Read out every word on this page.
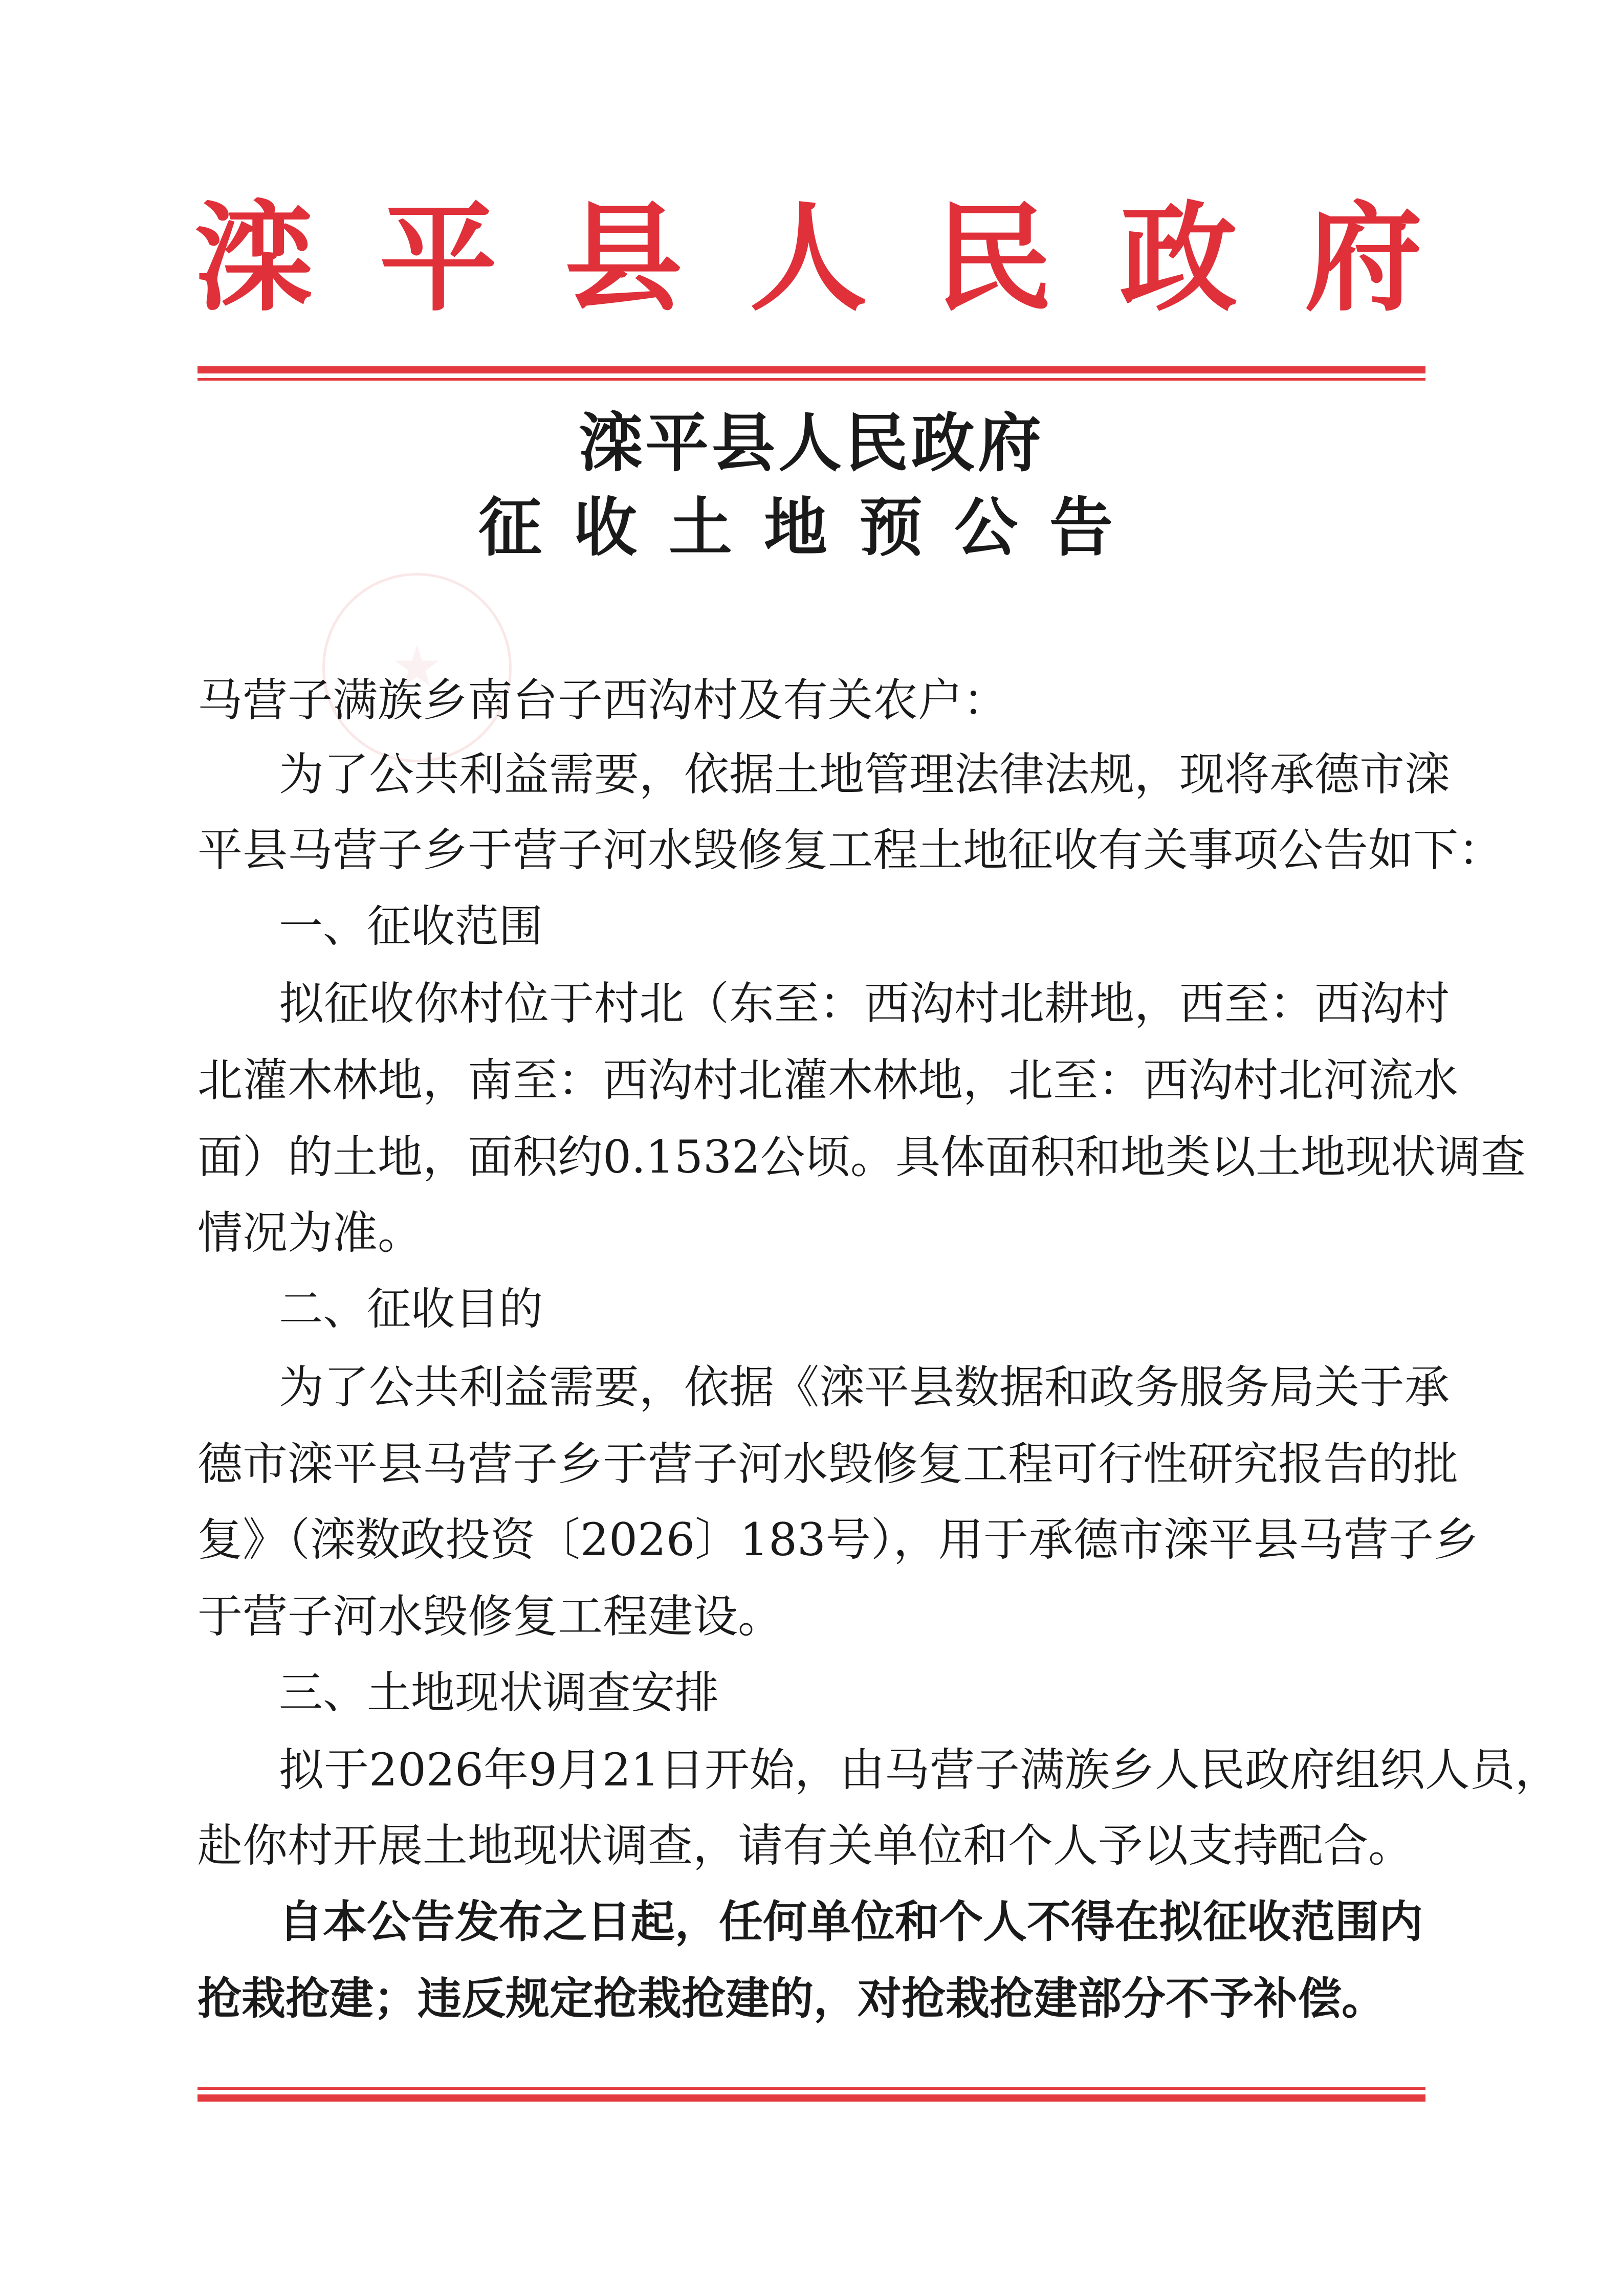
滦 平 县 人 民 政 府
滦平县人民政府
征收土地预公告
马营子满族乡南台子西沟村及有关农户：
为了公共利益需要，依据土地管理法律法规，现将承德市滦
平县马营子乡于营子河水毁修复工程土地征收有关事项公告如下：
一、征收范围
拟征收你村位于村北（东至：西沟村北耕地，西至：西沟村
北灌木林地，南至：西沟村北灌木林地，北至：西沟村北河流水
面）的土地，面积约0.1532公顷。具体面积和地类以土地现状调查
情况为准。
二、征收目的
为了公共利益需要，依据《滦平县数据和政务服务局关于承
德市滦平县马营子乡于营子河水毁修复工程可行性研究报告的批
复》（滦数政投资〔2026〕183号），用于承德市滦平县马营子乡
于营子河水毁修复工程建设。
三、土地现状调查安排
拟于2026年9月21日开始，由马营子满族乡人民政府组织人员，
赴你村开展土地现状调查，请有关单位和个人予以支持配合。
自本公告发布之日起，任何单位和个人不得在拟征收范围内
抢栽抢建；违反规定抢栽抢建的，对抢栽抢建部分不予补偿。
